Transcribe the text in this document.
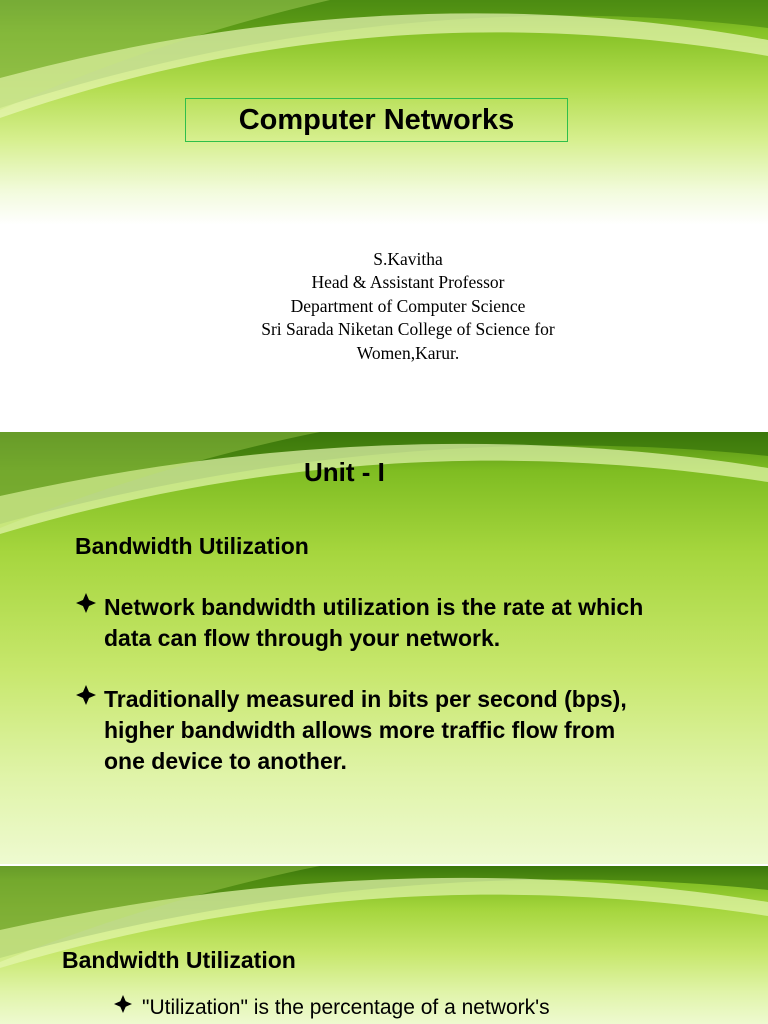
Computer Networks
S.Kavitha
Head & Assistant Professor
Department of Computer Science
Sri Sarada Niketan College of Science for
Women,Karur.
Unit - I
Bandwidth Utilization
Network bandwidth utilization is the rate at which data can flow through your network.
Traditionally measured in bits per second (bps), higher bandwidth allows more traffic flow from one device to another.
Bandwidth Utilization
"Utilization" is the percentage of a network's
